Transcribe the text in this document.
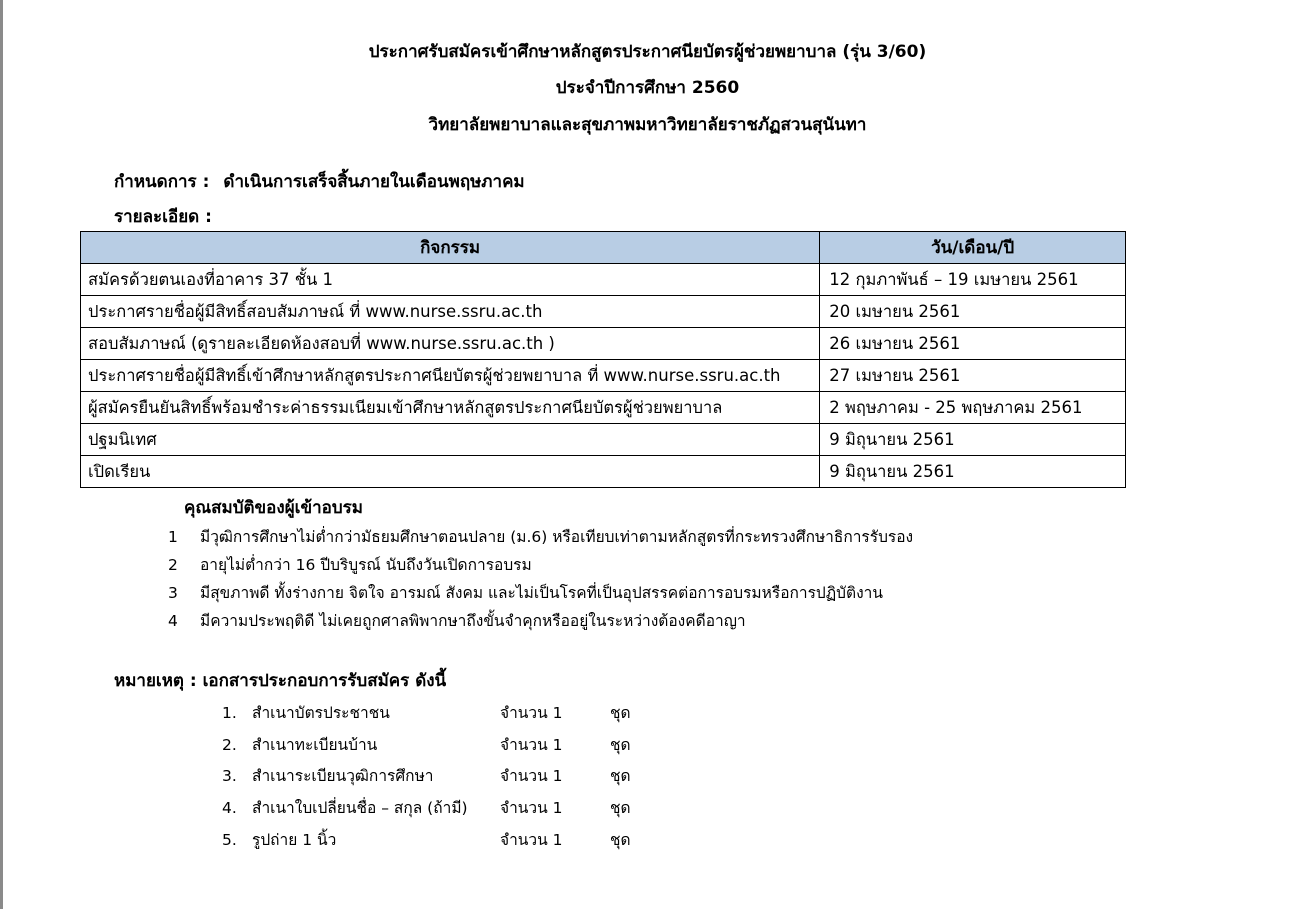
ประกาศรับสมัครเข้าศึกษาหลักสูตรประกาศนียบัตรผู้ช่วยพยาบาล (รุ่น 3/60)
ประจำปีการศึกษา 2560
วิทยาลัยพยาบาลและสุขภาพมหาวิทยาลัยราชภัฏสวนสุนันทา
กำหนดการ : ดำเนินการเสร็จสิ้นภายในเดือนพฤษภาคม
รายละเอียด :
กิจกรรม	วัน/เดือน/ปี
สมัครด้วยตนเองที่อาคาร 37 ชั้น 1	12 กุมภาพันธ์ – 19 เมษายน 2561
ประกาศรายชื่อผู้มีสิทธิ์สอบสัมภาษณ์ ที่ www.nurse.ssru.ac.th	20 เมษายน 2561
สอบสัมภาษณ์ (ดูรายละเอียดห้องสอบที่ www.nurse.ssru.ac.th )	26 เมษายน 2561
ประกาศรายชื่อผู้มีสิทธิ์เข้าศึกษาหลักสูตรประกาศนียบัตรผู้ช่วยพยาบาล ที่ www.nurse.ssru.ac.th	27 เมษายน 2561
ผู้สมัครยืนยันสิทธิ์พร้อมชำระค่าธรรมเนียมเข้าศึกษาหลักสูตรประกาศนียบัตรผู้ช่วยพยาบาล	2 พฤษภาคม - 25 พฤษภาคม 2561
ปฐมนิเทศ	9 มิถุนายน 2561
เปิดเรียน	9 มิถุนายน 2561
คุณสมบัติของผู้เข้าอบรม
1 มีวุฒิการศึกษาไม่ต่ำกว่ามัธยมศึกษาตอนปลาย (ม.6) หรือเทียบเท่าตามหลักสูตรที่กระทรวงศึกษาธิการรับรอง
2 อายุไม่ต่ำกว่า 16 ปีบริบูรณ์ นับถึงวันเปิดการอบรม
3 มีสุขภาพดี ทั้งร่างกาย จิตใจ อารมณ์ สังคม และไม่เป็นโรคที่เป็นอุปสรรคต่อการอบรมหรือการปฏิบัติงาน
4 มีความประพฤติดี ไม่เคยถูกศาลพิพากษาถึงขั้นจำคุกหรืออยู่ในระหว่างต้องคดีอาญา
หมายเหตุ : เอกสารประกอบการรับสมัคร ดังนี้
1. สำเนาบัตรประชาชน	จำนวน 1	ชุด
2. สำเนาทะเบียนบ้าน	จำนวน 1	ชุด
3. สำเนาระเบียนวุฒิการศึกษา	จำนวน 1	ชุด
4. สำเนาใบเปลี่ยนชื่อ – สกุล (ถ้ามี) จำนวน 1	ชุด
5. รูปถ่าย 1 นิ้ว	จำนวน 1	ชุด
